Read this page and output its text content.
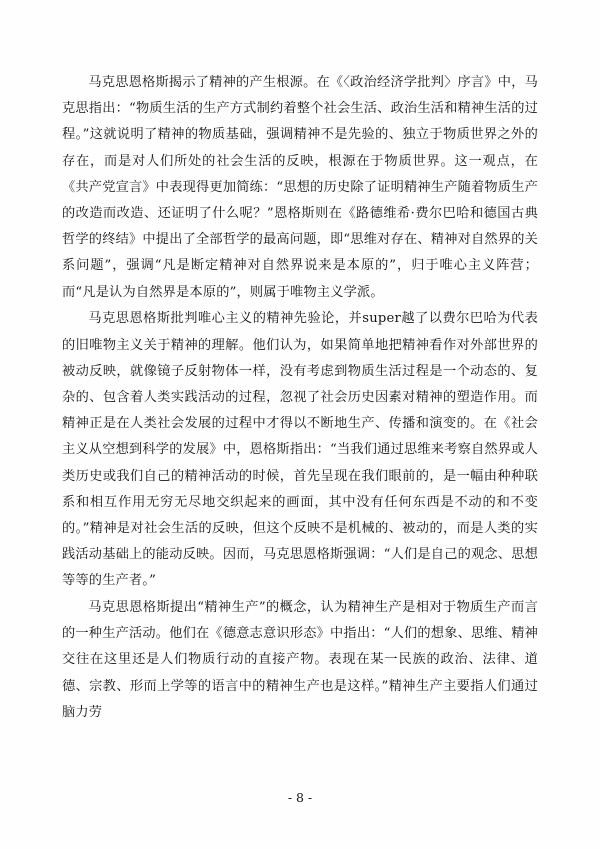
马克思恩格斯揭示了精神的产生根源。在《〈政治经济学批判〉序言》中，马克思指出：“物质生活的生产方式制约着整个社会生活、政治生活和精神生活的过程。”这就说明了精神的物质基础，强调精神不是先验的、独立于物质世界之外的存在，而是对人们所处的社会生活的反映，根源在于物质世界。这一观点，在《共产党宣言》中表现得更加简练：“思想的历史除了证明精神生产随着物质生产的改造而改造、还证明了什么呢？”恩格斯则在《路德维希·费尔巴哈和德国古典哲学的终结》中提出了全部哲学的最高问题，即“思维对存在、精神对自然界的关系问题”，强调“凡是断定精神对自然界说来是本原的”，归于唯心主义阵营；而“凡是认为自然界是本原的”，则属于唯物主义学派。

马克思恩格斯批判唯心主义的精神先验论，并super越了以费尔巴哈为代表的旧唯物主义关于精神的理解。他们认为，如果简单地把精神看作对外部世界的被动反映，就像镜子反射物体一样，没有考虑到物质生活过程是一个动态的、复杂的、包含着人类实践活动的过程，忽视了社会历史因素对精神的塑造作用。而精神正是在人类社会发展的过程中才得以不断地生产、传播和演变的。在《社会主义从空想到科学的发展》中，恩格斯指出：“当我们通过思维来考察自然界或人类历史或我们自己的精神活动的时候，首先呈现在我们眼前的，是一幅由种种联系和相互作用无穷无尽地交织起来的画面，其中没有任何东西是不动的和不变的。”精神是对社会生活的反映，但这个反映不是机械的、被动的，而是人类的实践活动基础上的能动反映。因而，马克思恩格斯强调：“人们是自己的观念、思想等等的生产者。”

马克思恩格斯提出“精神生产”的概念，认为精神生产是相对于物质生产而言的一种生产活动。他们在《德意志意识形态》中指出：“人们的想象、思维、精神交往在这里还是人们物质行动的直接产物。表现在某一民族的政治、法律、道德、宗教、形而上学等的语言中的精神生产也是这样。”精神生产主要指人们通过脑力劳

- 8 -
